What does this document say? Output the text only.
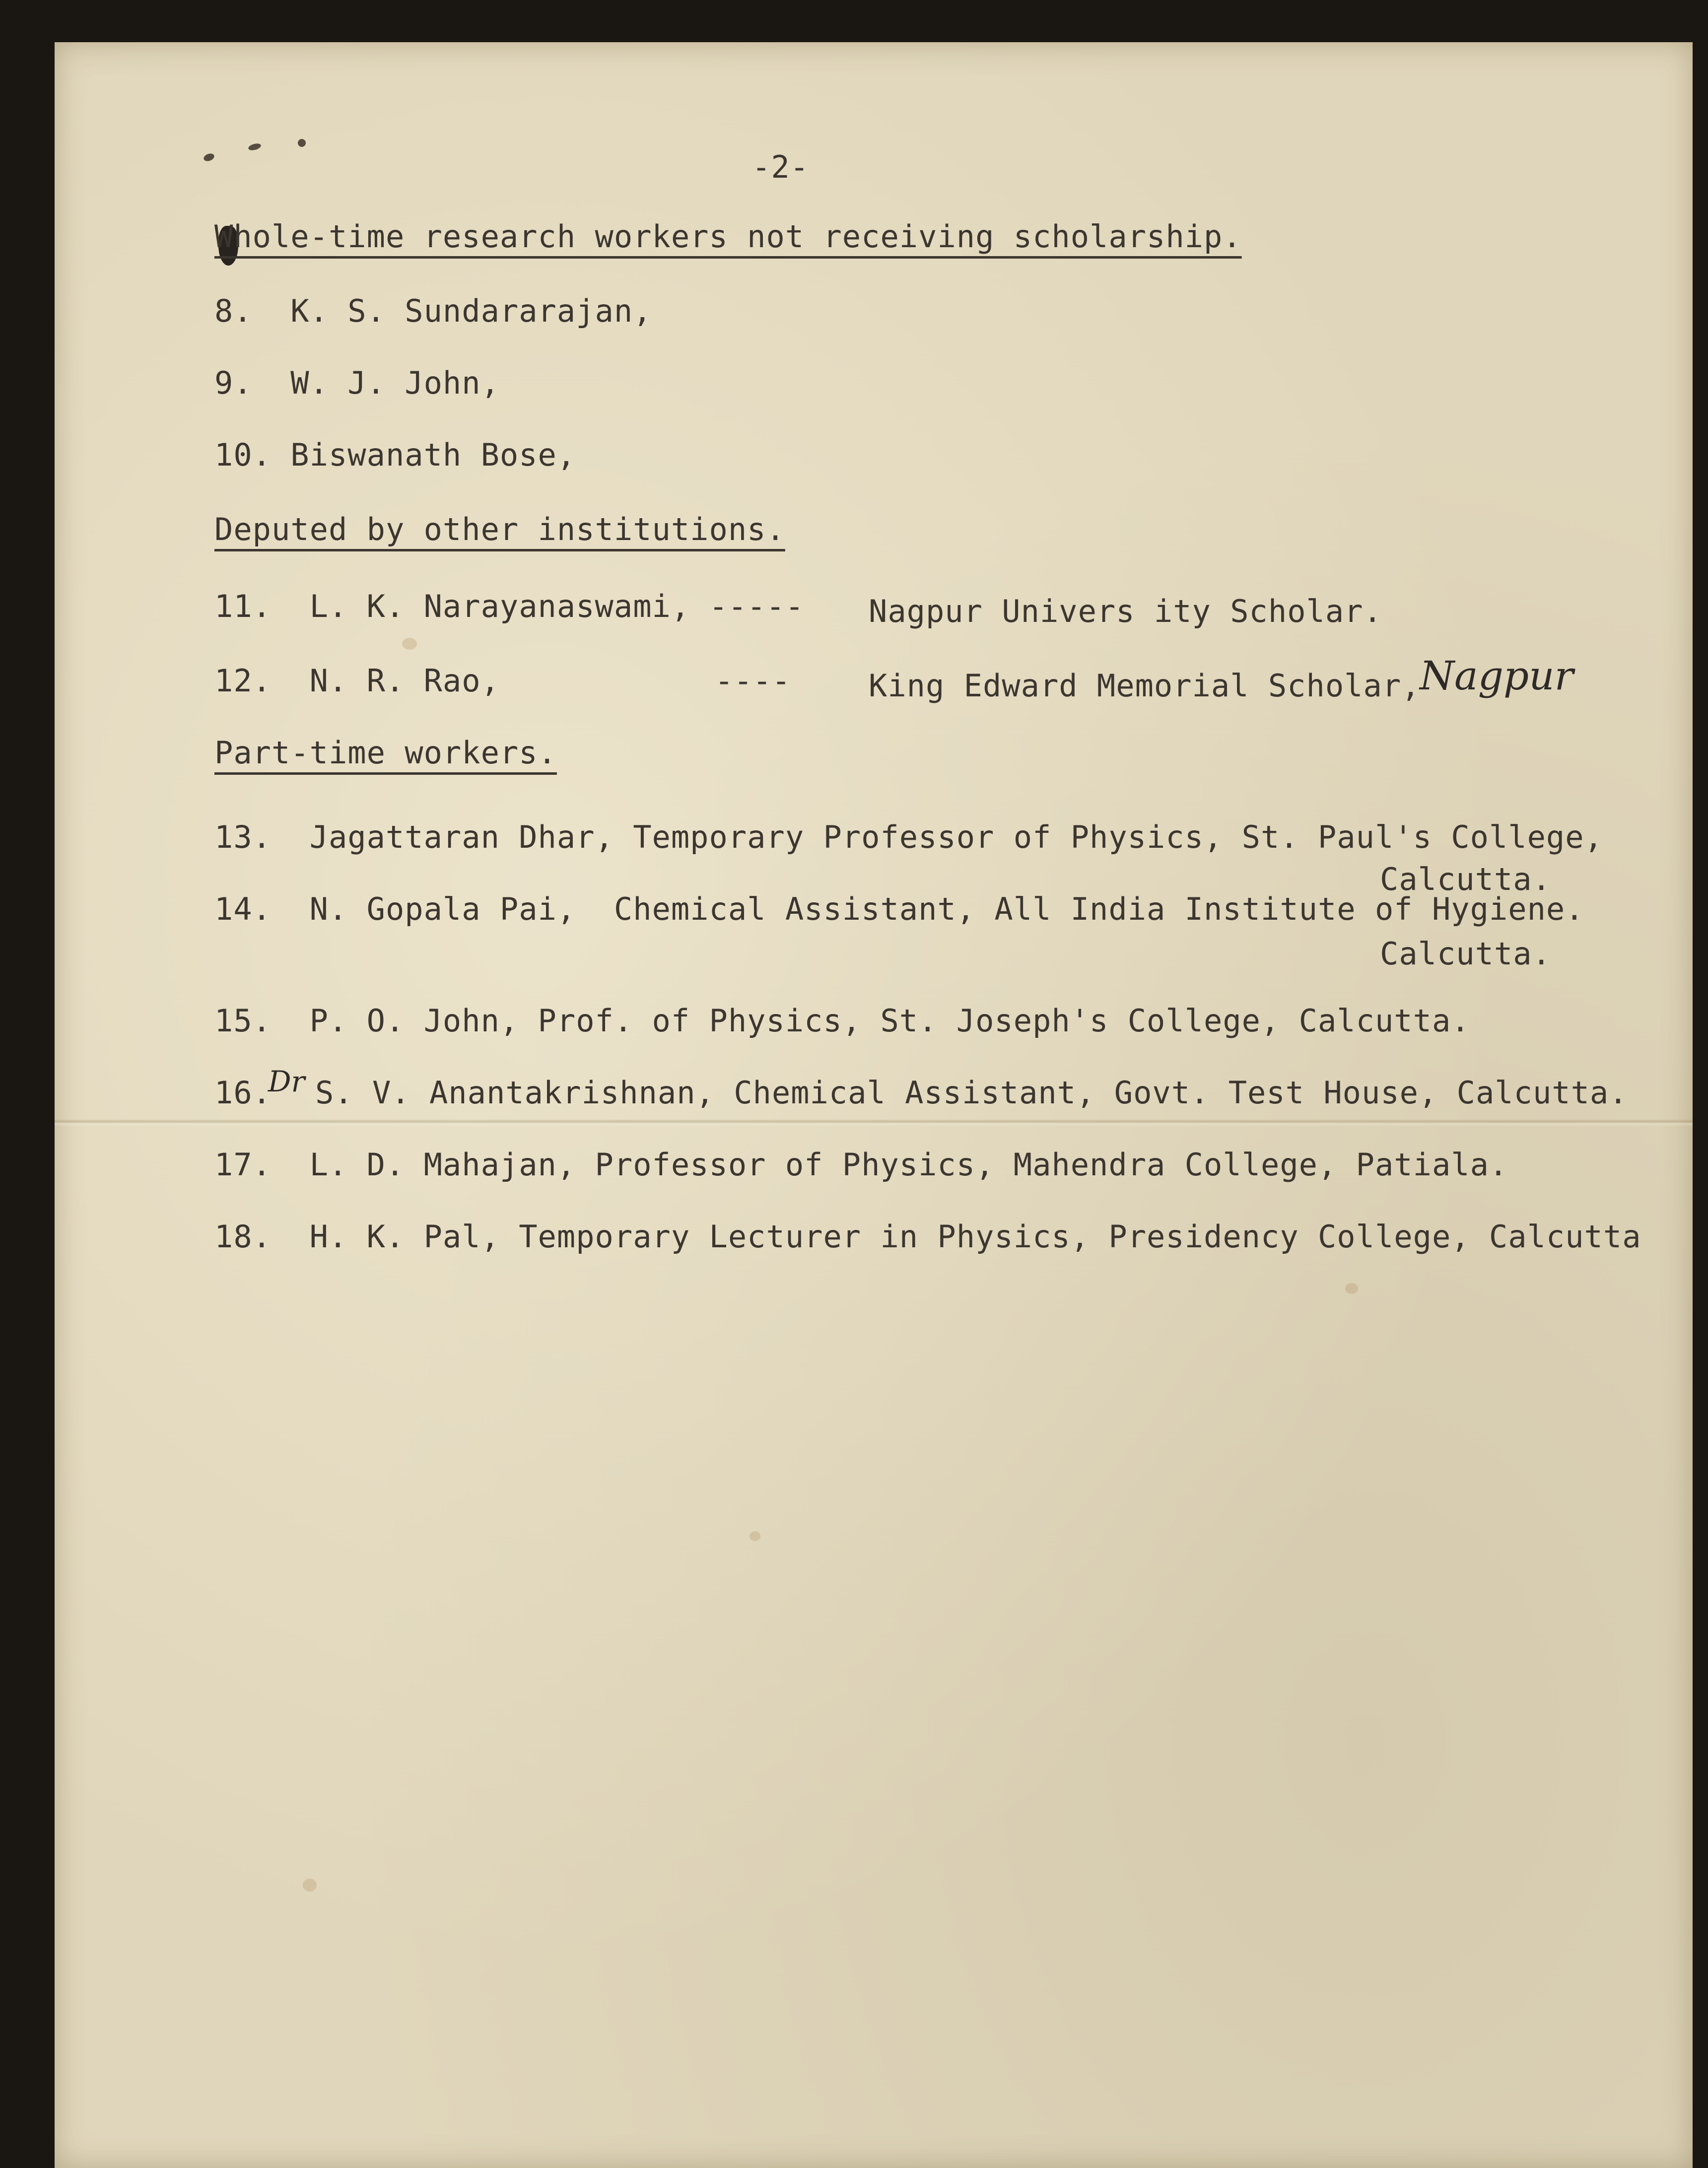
-2-
Whole-time research workers not receiving scholarship.
8.  K. S. Sundararajan,
9.  W. J. John,
10. Biswanath Bose,
Deputed by other institutions.
11.  L. K. Narayanaswami, ----- Nagpur Univers ity Scholar.
12.  N. R. Rao,	----	King Edward Memorial Scholar,
Nagpur
Part-time workers.
13.  Jagattaran Dhar, Temporary Professor of Physics, St. Paul's College,
Calcutta.
14.  N. Gopala Pai,  Chemical Assistant, All India Institute of Hygiene.
Calcutta.
15.  P. O. John, Prof. of Physics, St. Joseph's College, Calcutta.
16.
Dr S. V. Anantakrishnan, Chemical Assistant, Govt. Test House, Calcutta.
17.  L. D. Mahajan, Professor of Physics, Mahendra College, Patiala.
18.  H. K. Pal, Temporary Lecturer in Physics, Presidency College, Calcutta
